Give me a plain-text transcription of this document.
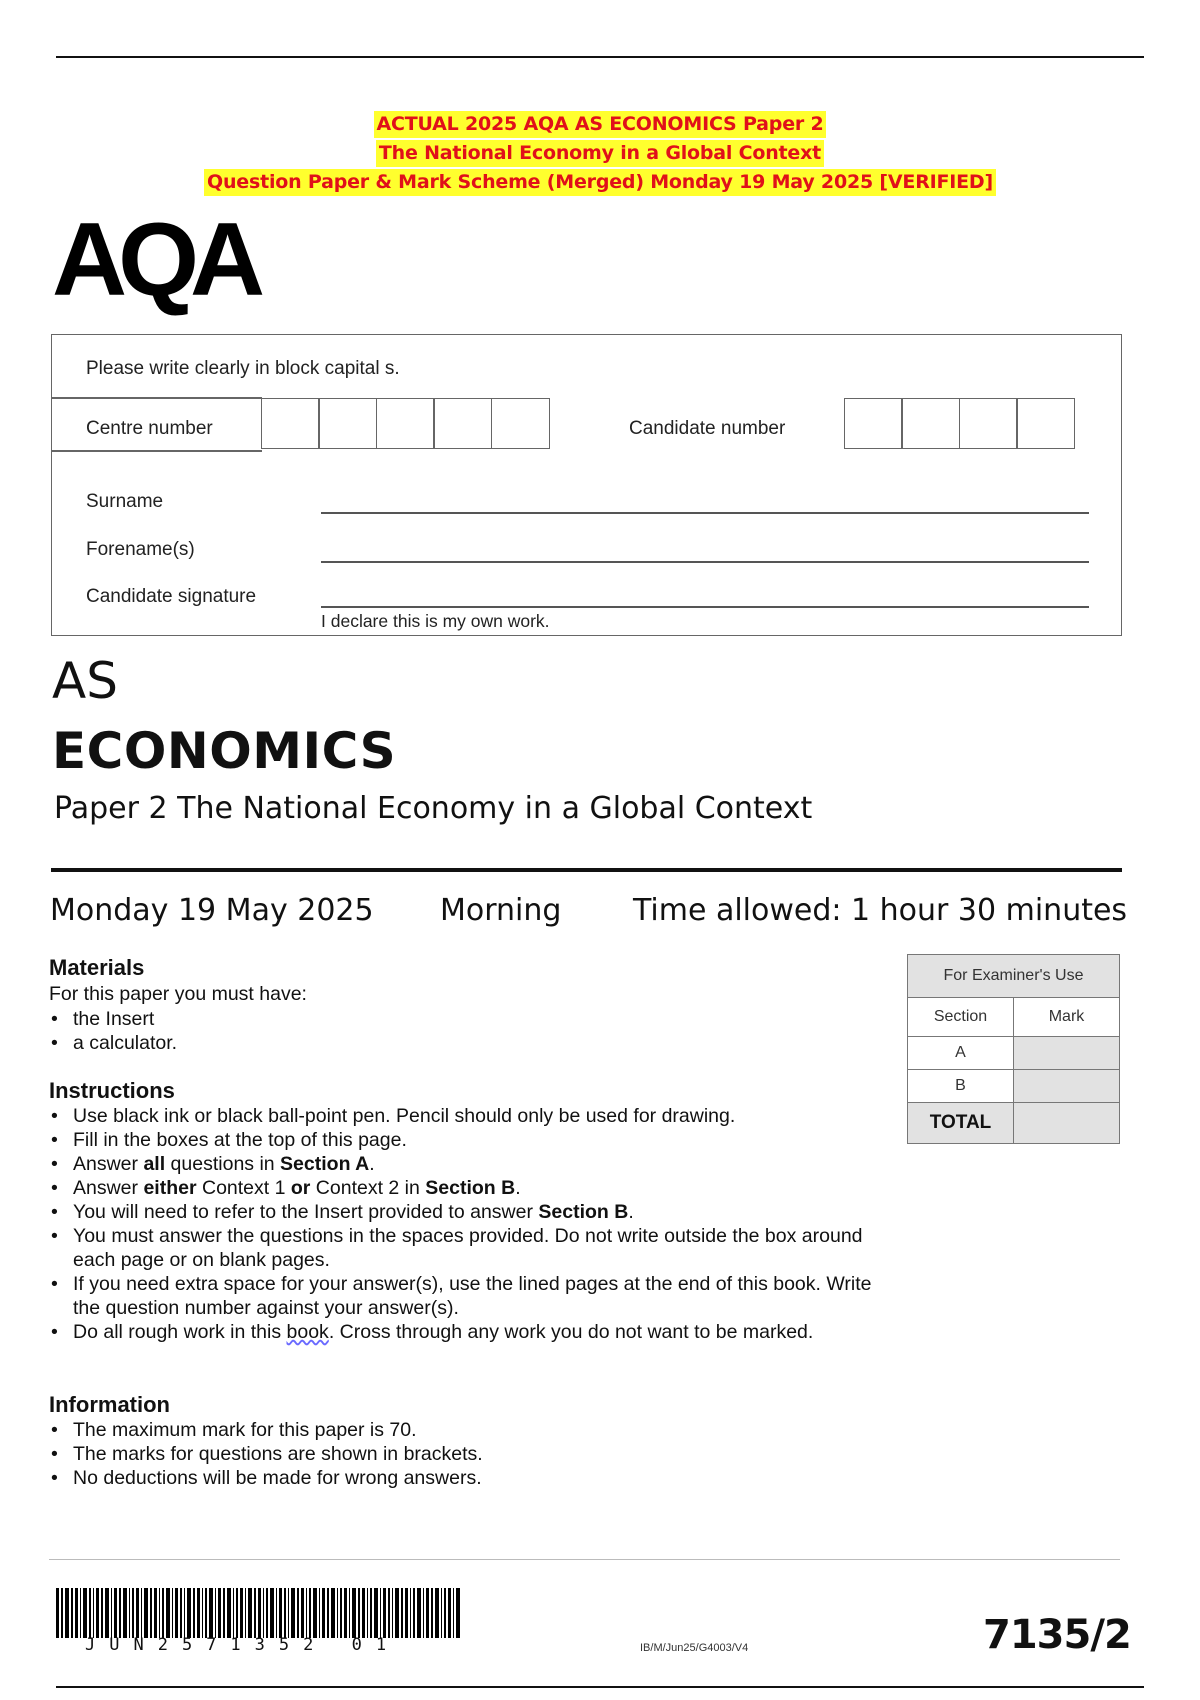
ACTUAL 2025 AQA AS ECONOMICS Paper 2
The National Economy in a Global Context
Question Paper & Mark Scheme (Merged) Monday 19 May 2025 [VERIFIED]
AQA
Please write clearly in block capital s.
Centre number	Candidate number
Surname
Forename(s)
Candidate signature
I declare this is my own work.
AS
ECONOMICS
Paper 2 The National Economy in a Global Context
Monday 19 May 2025 Morning Time allowed: 1 hour 30 minutes
Materials
For this paper you must have:
• the Insert
• a calculator.
Instructions
• Use black ink or black ball-point pen. Pencil should only be used for drawing.
• Fill in the boxes at the top of this page.
• Answer all questions in Section A.
• Answer either Context 1 or Context 2 in Section B.
• You will need to refer to the Insert provided to answer Section B.
• You must answer the questions in the spaces provided. Do not write outside the box around each page or on blank pages.
• If you need extra space for your answer(s), use the lined pages at the end of this book. Write the question number against your answer(s).
• Do all rough work in this book. Cross through any work you do not want to be marked.
Information
• The maximum mark for this paper is 70.
• The marks for questions are shown in brackets.
• No deductions will be made for wrong answers.
For Examiner's Use	
Section	Mark
A	
B	
TOTAL	
JUN2571352 01	IB/M/Jun25/G4003/V4	7135/2
